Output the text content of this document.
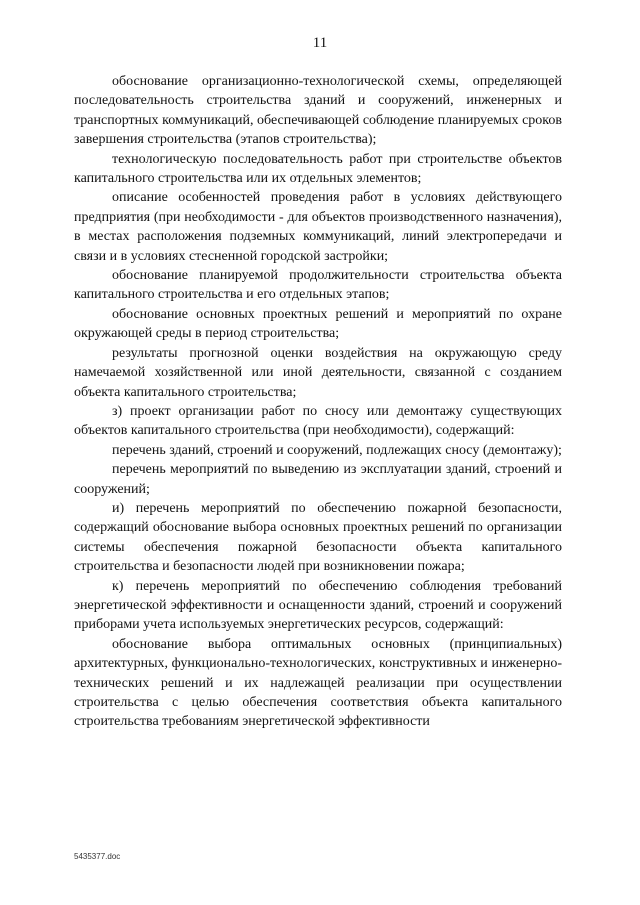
11

обоснование организационно-технологической схемы, определяющей последовательность строительства зданий и сооружений, инженерных и транспортных коммуникаций, обеспечивающей соблюдение планируемых сроков завершения строительства (этапов строительства);

технологическую последовательность работ при строительстве объектов капитального строительства или их отдельных элементов;

описание особенностей проведения работ в условиях действующего предприятия (при необходимости - для объектов производственного назначения), в местах расположения подземных коммуникаций, линий электропередачи и связи и в условиях стесненной городской застройки;

обоснование планируемой продолжительности строительства объекта капитального строительства и его отдельных этапов;

обоснование основных проектных решений и мероприятий по охране окружающей среды в период строительства;

результаты прогнозной оценки воздействия на окружающую среду намечаемой хозяйственной или иной деятельности, связанной с созданием объекта капитального строительства;

з) проект организации работ по сносу или демонтажу существующих объектов капитального строительства (при необходимости), содержащий:

перечень зданий, строений и сооружений, подлежащих сносу (демонтажу);

перечень мероприятий по выведению из эксплуатации зданий, строений и сооружений;

и) перечень мероприятий по обеспечению пожарной безопасности, содержащий обоснование выбора основных проектных решений по организации системы обеспечения пожарной безопасности объекта капитального строительства и безопасности людей при возникновении пожара;

к) перечень мероприятий по обеспечению соблюдения требований энергетической эффективности и оснащенности зданий, строений и сооружений приборами учета используемых энергетических ресурсов, содержащий:

обоснование выбора оптимальных основных (принципиальных) архитектурных, функционально-технологических, конструктивных и инженерно-технических решений и их надлежащей реализации при осуществлении строительства с целью обеспечения соответствия объекта капитального строительства требованиям энергетической эффективности

5435377.doc
